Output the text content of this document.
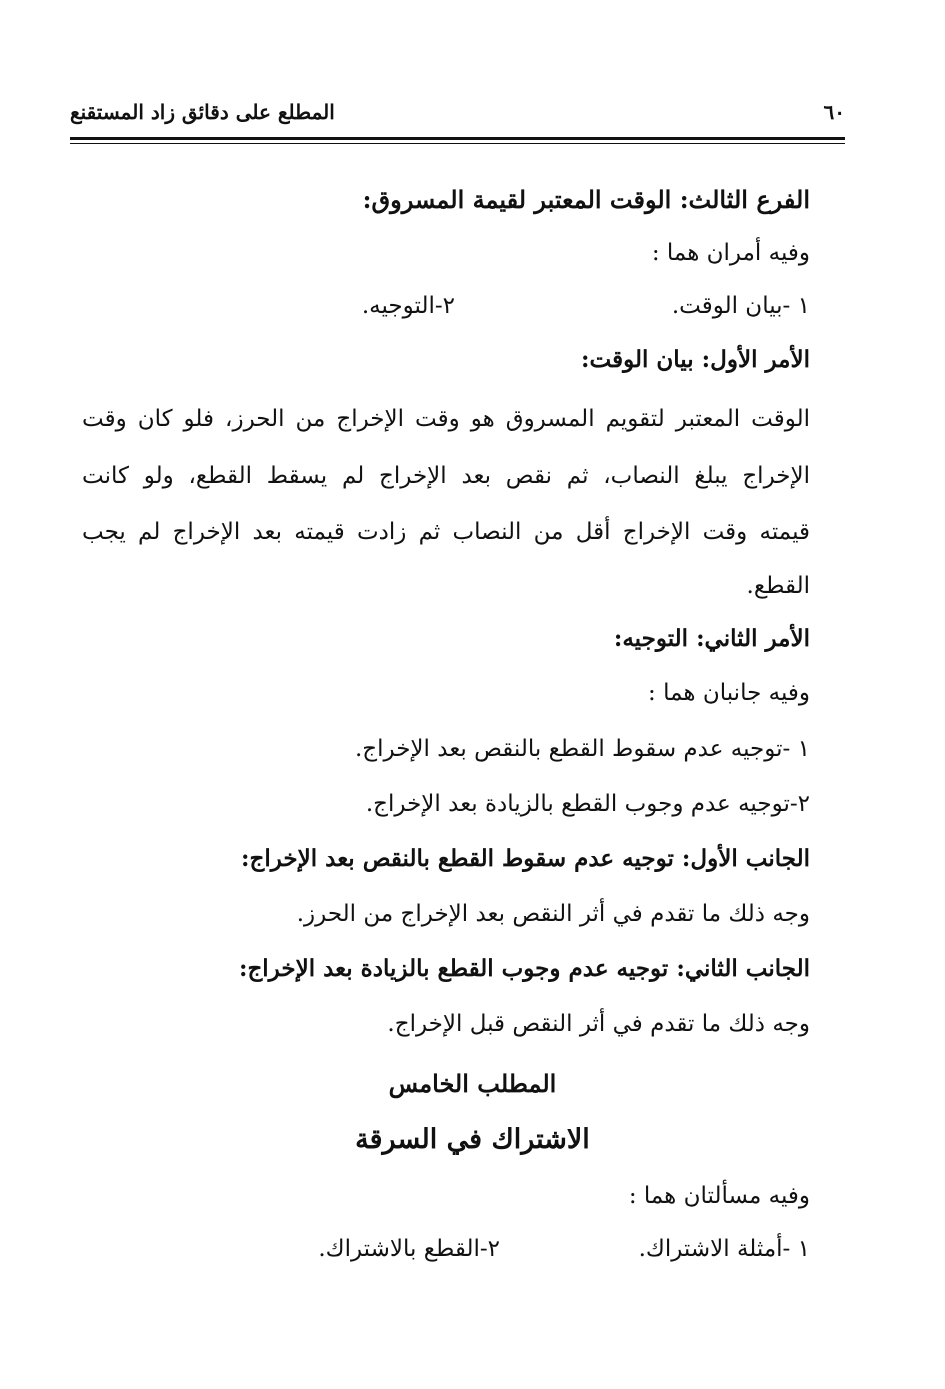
٦٠
المطلع على دقائق زاد المستقنع
الفرع الثالث: الوقت المعتبر لقيمة المسروق:
وفيه أمران هما :
١ -بيان الوقت.
٢-التوجيه.
الأمر الأول: بيان الوقت:
الوقت المعتبر لتقويم المسروق هو وقت الإخراج من الحرز، فلو كان وقت
الإخراج يبلغ النصاب، ثم نقص بعد الإخراج لم يسقط القطع، ولو كانت
قيمته وقت الإخراج أقل من النصاب ثم زادت قيمته بعد الإخراج لم يجب
القطع.
الأمر الثاني: التوجيه:
وفيه جانبان هما :
١ -توجيه عدم سقوط القطع بالنقص بعد الإخراج.
٢-توجيه عدم وجوب القطع بالزيادة بعد الإخراج.
الجانب الأول: توجيه عدم سقوط القطع بالنقص بعد الإخراج:
وجه ذلك ما تقدم في أثر النقص بعد الإخراج من الحرز.
الجانب الثاني: توجيه عدم وجوب القطع بالزيادة بعد الإخراج:
وجه ذلك ما تقدم في أثر النقص قبل الإخراج.
المطلب الخامس
الاشتراك في السرقة
وفيه مسألتان هما :
١ -أمثلة الاشتراك.
٢-القطع بالاشتراك.
